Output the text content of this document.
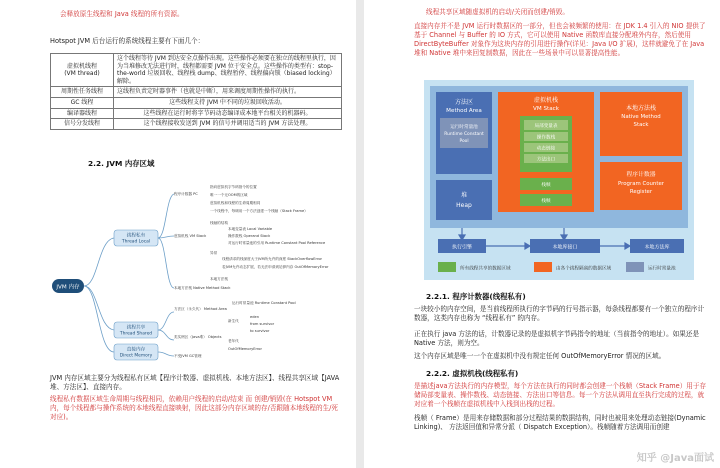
会释放原生线程和 Java 线程的所有资源。

Hotspot JVM 后台运行的系统线程主要有下面几个：

虚拟机线程
(VM thread)	这个线程等待 JVM 到达安全点操作出现。这些操作必须要在独立的线程里执行，因为当堆修改无法进行时，线程都需要 JVM 位于安全点。这些操作的类型有：stop-the-world 垃圾回收、线程栈 dump、线程暂停、线程偏向锁（biased locking）解除。
周期性任务线程	这线程负责定时器事件（也就是中断），用来调度周期性操作的执行。
GC 线程	这些线程支持 JVM 中不同的垃圾回收活动。
编译器线程	这些线程在运行时将字节码动态编译成本地平台相关的机器码。
信号分发线程	这个线程接收发送到 JVM 的信号并调用适当的 JVM 方法处理。
2.2. JVM 内存区域
JVM 内存
线程私有
Thread Local
线程共享
Thread Shared
直接内存
Direct Memory
程序计数器 PC
虚拟机栈 VM Stack
本地方法栈 Native Method Stack
指向虚拟机字节码指令的位置
唯一一个无OOM的区域
虚拟机栈和线程的生命周期相同
一个线程中，每调用一个方法创建一个栈帧（Stack Frame）
栈帧的结构
本地变量表 Local Variable
操作数栈 Operand Stack
对运行时常量池的引用 Runtime Constant Pool Reference
异常
线程请求的栈深度大于JVM所允许的深度 StackOverflowError
若JVM允许动态扩展，若无法申请到足够内存 OutOfMemoryError
本地方法栈
方法区（永久代） Method Area
类实例区（Java堆） Objects
运行时常量池 Runtime Constant Pool
新生代
eden
from survivor
to survivor
老年代
OutOfMemoryError
不受JVM GC管理

JVM 内存区域主要分为线程私有区域【程序计数器、虚拟机栈、本地方法区】、线程共享区域【JAVA 堆、方法区】、直接内存。

线程私有数据区域生命周期与线程相同，依赖用户线程的启动/结束 而 创建/销毁(在 Hotspot VM 内，每个线程都与操作系统的本地线程直接映射，因此这部分内存区域的存/否跟随本地线程的生/死对应)。

线程共享区域随虚拟机的启动/关闭而创建/销毁。

直接内存并不是 JVM 运行时数据区的一部分，但也会被频繁的使用：在 JDK 1.4 引入的 NIO 提供了基于 Channel 与 Buffer 的 IO 方式，它可以使用 Native 函数库直接分配堆外内存，然后使用 DirectByteBuffer 对象作为这块内存的引用进行操作(详见：Java I/O 扩展)，这样就避免了在 Java 堆和 Native 堆中来回复制数据，因此在一些场景中可以显著提高性能。

方法区
Method Area
运行时常量池
Runtime Constant
Pool
虚拟机栈
VM Stack
局部变量表
操作数栈
动态链接
方法出口
栈帧
栈帧
本地方法栈
Native Method
Stack
堆
Heap
程序计数器
Program Counter
Register
执行引擎	本地库接口	本地方法库
所有线程共享的数据区域	由各个线程隔离的数据区域	运行时常量池
2.2.1. 程序计数器(线程私有)

一块较小的内存空间，是当前线程所执行的字节码的行号指示器，每条线程都要有一个独立的程序计数器，这类内存也称为 “线程私有” 的内存。

正在执行 java 方法的话，计数器记录的是虚拟机字节码指令的地址（当前指令的地址）。如果还是 Native 方法，则为空。

这个内存区域是唯一一个在虚拟机中没有规定任何 OutOfMemoryError 情况的区域。

2.2.2. 虚拟机栈(线程私有)

是描述java方法执行的内存模型，每个方法在执行的同时都会创建一个栈帧（Stack Frame）用于存储局部变量表、操作数栈、动态链接、方法出口等信息。每一个方法从调用直至执行完成的过程，就对应着一个栈帧在虚拟机栈中入栈到出栈的过程。

栈帧（ Frame）是用来存储数据和部分过程结果的数据结构，同时也被用来处理动态链接(Dynamic Linking)、 方法返回值和异常分派（ Dispatch Exception）。栈帧随着方法调用而创建

知乎 @Java面试
